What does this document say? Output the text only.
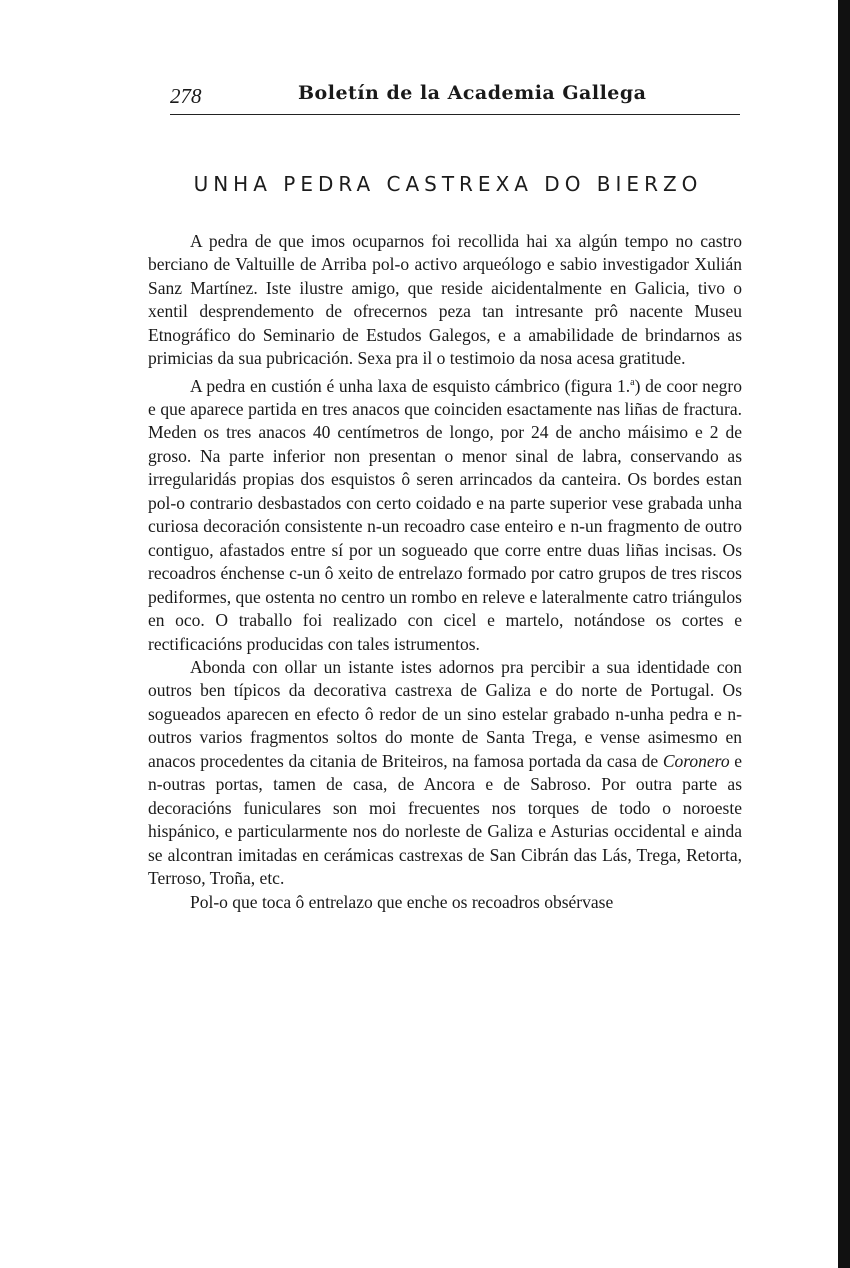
278	Boletín de la Academia Gallega
UNHA PEDRA CASTREXA DO BIERZO

A pedra de que imos ocuparnos foi recollida hai xa algún tempo no castro berciano de Valtuille de Arriba pol-o activo arqueólogo e sabio investigador Xulián Sanz Martínez. Iste ilustre amigo, que reside aicidentalmente en Galicia, tivo o xentil desprendemento de ofrecernos peza tan intresante prô nacente Museu Etnográfico do Seminario de Estudos Galegos, e a amabilidade de brindarnos as primicias da sua pubricación. Sexa pra il o testimoio da nosa acesa gratitude.

A pedra en custión é unha laxa de esquisto cámbrico (figura 1.$^a$) de coor negro e que aparece partida en tres anacos que coinciden esactamente nas liñas de fractura. Meden os tres anacos 40 centímetros de longo, por 24 de ancho máisimo e 2 de groso. Na parte inferior non presentan o menor sinal de labra, conservando as irregularidás propias dos esquistos ô seren arrincados da canteira. Os bordes estan pol-o contrario desbastados con certo coidado e na parte superior vese grabada unha curiosa decoración consistente n-un recoadro case enteiro e n-un fragmento de outro contiguo, afastados entre sí por un sogueado que corre entre duas liñas incisas. Os recoadros énchense c-un ô xeito de entrelazo formado por catro grupos de tres riscos pediformes, que ostenta no centro un rombo en releve e lateralmente catro triángulos en oco. O traballo foi realizado con cicel e martelo, notándose os cortes e rectificacións producidas con tales istrumentos.

Abonda con ollar un istante istes adornos pra percibir a sua identidade con outros ben típicos da decorativa castrexa de Galiza e do norte de Portugal. Os sogueados aparecen en efecto ô redor de un sino estelar grabado n-unha pedra e n-outros varios fragmentos soltos do monte de Santa Trega, e vense asimesmo en anacos procedentes da citania de Briteiros, na famosa portada da casa de Coronero e n-outras portas, tamen de casa, de Ancora e de Sabroso. Por outra parte as decoracións funiculares son moi frecuentes nos torques de todo o noroeste hispánico, e particularmente nos do norleste de Galiza e Asturias occidental e ainda se alcontran imitadas en cerámicas castrexas de San Cibrán das Lás, Trega, Retorta, Terroso, Troña, etc.

Pol-o que toca ô entrelazo que enche os recoadros obsérvase
